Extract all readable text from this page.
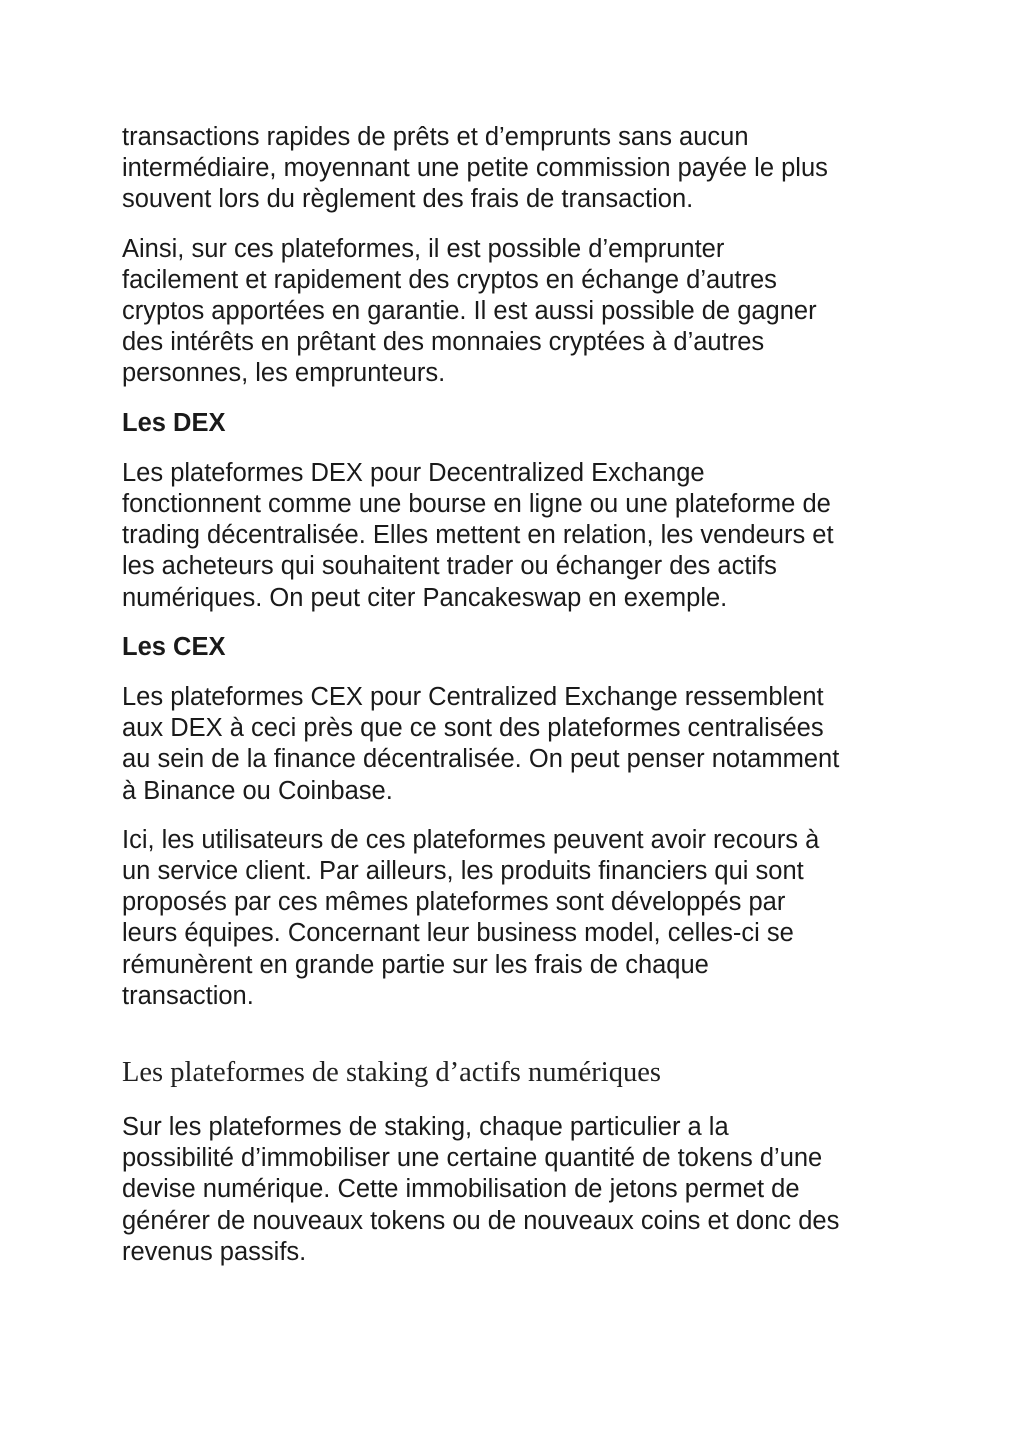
transactions rapides de prêts et d’emprunts sans aucun
intermédiaire, moyennant une petite commission payée le plus
souvent lors du règlement des frais de transaction.

Ainsi, sur ces plateformes, il est possible d’emprunter
facilement et rapidement des cryptos en échange d’autres
cryptos apportées en garantie. Il est aussi possible de gagner
des intérêts en prêtant des monnaies cryptées à d’autres
personnes, les emprunteurs.

Les DEX

Les plateformes DEX pour Decentralized Exchange
fonctionnent comme une bourse en ligne ou une plateforme de
trading décentralisée. Elles mettent en relation, les vendeurs et
les acheteurs qui souhaitent trader ou échanger des actifs
numériques. On peut citer Pancakeswap en exemple.

Les CEX

Les plateformes CEX pour Centralized Exchange ressemblent
aux DEX à ceci près que ce sont des plateformes centralisées
au sein de la finance décentralisée. On peut penser notamment
à Binance ou Coinbase.

Ici, les utilisateurs de ces plateformes peuvent avoir recours à
un service client. Par ailleurs, les produits financiers qui sont
proposés par ces mêmes plateformes sont développés par
leurs équipes. Concernant leur business model, celles-ci se
rémunèrent en grande partie sur les frais de chaque
transaction.

Les plateformes de staking d’actifs numériques

Sur les plateformes de staking, chaque particulier a la
possibilité d’immobiliser une certaine quantité de tokens d’une
devise numérique. Cette immobilisation de jetons permet de
générer de nouveaux tokens ou de nouveaux coins et donc des
revenus passifs.
